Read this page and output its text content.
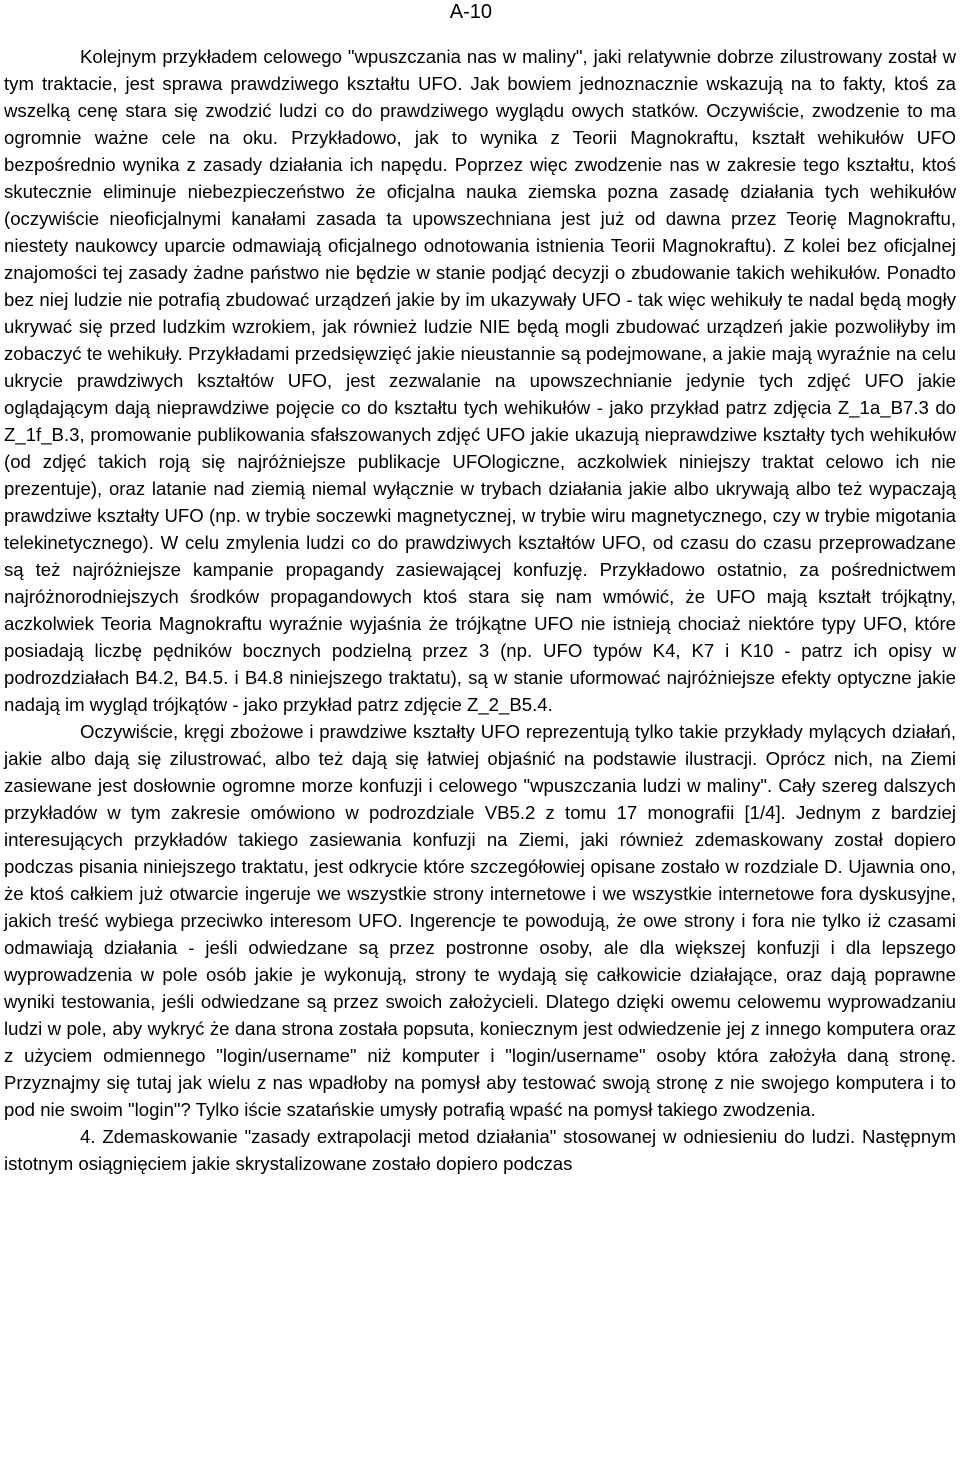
A-10

Kolejnym przykładem celowego "wpuszczania nas w maliny", jaki relatywnie dobrze zilustrowany został w tym traktacie, jest sprawa prawdziwego kształtu UFO. Jak bowiem jednoznacznie wskazują na to fakty, ktoś za wszelką cenę stara się zwodzić ludzi co do prawdziwego wyglądu owych statków. Oczywiście, zwodzenie to ma ogromnie ważne cele na oku. Przykładowo, jak to wynika z Teorii Magnokraftu, kształt wehikułów UFO bezpośrednio wynika z zasady działania ich napędu. Poprzez więc zwodzenie nas w zakresie tego kształtu, ktoś skutecznie eliminuje niebezpieczeństwo że oficjalna nauka ziemska pozna zasadę działania tych wehikułów (oczywiście nieoficjalnymi kanałami zasada ta upowszechniana jest już od dawna przez Teorię Magnokraftu, niestety naukowcy uparcie odmawiają oficjalnego odnotowania istnienia Teorii Magnokraftu). Z kolei bez oficjalnej znajomości tej zasady żadne państwo nie będzie w stanie podjąć decyzji o zbudowanie takich wehikułów. Ponadto bez niej ludzie nie potrafią zbudować urządzeń jakie by im ukazywały UFO - tak więc wehikuły te nadal będą mogły ukrywać się przed ludzkim wzrokiem, jak również ludzie NIE będą mogli zbudować urządzeń jakie pozwoliłyby im zobaczyć te wehikuły. Przykładami przedsięwzięć jakie nieustannie są podejmowane, a jakie mają wyraźnie na celu ukrycie prawdziwych kształtów UFO, jest zezwalanie na upowszechnianie jedynie tych zdjęć UFO jakie oglądającym dają nieprawdziwe pojęcie co do kształtu tych wehikułów - jako przykład patrz zdjęcia Z_1a_B7.3 do Z_1f_B.3, promowanie publikowania sfałszowanych zdjęć UFO jakie ukazują nieprawdziwe kształty tych wehikułów (od zdjęć takich roją się najróżniejsze publikacje UFOlogiczne, aczkolwiek niniejszy traktat celowo ich nie prezentuje), oraz latanie nad ziemią niemal wyłącznie w trybach działania jakie albo ukrywają albo też wypaczają prawdziwe kształty UFO (np. w trybie soczewki magnetycznej, w trybie wiru magnetycznego, czy w trybie migotania telekinetycznego). W celu zmylenia ludzi co do prawdziwych kształtów UFO, od czasu do czasu przeprowadzane są też najróżniejsze kampanie propagandy zasiewającej konfuzję. Przykładowo ostatnio, za pośrednictwem najróżnorodniejszych środków propagandowych ktoś stara się nam wmówić, że UFO mają kształt trójkątny, aczkolwiek Teoria Magnokraftu wyraźnie wyjaśnia że trójkątne UFO nie istnieją chociaż niektóre typy UFO, które posiadają liczbę pędników bocznych podzielną przez 3 (np. UFO typów K4, K7 i K10 - patrz ich opisy w podrozdziałach B4.2, B4.5. i B4.8 niniejszego traktatu), są w stanie uformować najróżniejsze efekty optyczne jakie nadają im wygląd trójkątów - jako przykład patrz zdjęcie Z_2_B5.4.

Oczywiście, kręgi zbożowe i prawdziwe kształty UFO reprezentują tylko takie przykłady mylących działań, jakie albo dają się zilustrować, albo też dają się łatwiej objaśnić na podstawie ilustracji. Oprócz nich, na Ziemi zasiewane jest dosłownie ogromne morze konfuzji i celowego "wpuszczania ludzi w maliny". Cały szereg dalszych przykładów w tym zakresie omówiono w podrozdziale VB5.2 z tomu 17 monografii [1/4]. Jednym z bardziej interesujących przykładów takiego zasiewania konfuzji na Ziemi, jaki również zdemaskowany został dopiero podczas pisania niniejszego traktatu, jest odkrycie które szczegółowiej opisane zostało w rozdziale D. Ujawnia ono, że ktoś całkiem już otwarcie ingeruje we wszystkie strony internetowe i we wszystkie internetowe fora dyskusyjne, jakich treść wybiega przeciwko interesom UFO. Ingerencje te powodują, że owe strony i fora nie tylko iż czasami odmawiają działania - jeśli odwiedzane są przez postronne osoby, ale dla większej konfuzji i dla lepszego wyprowadzenia w pole osób jakie je wykonują, strony te wydają się całkowicie działające, oraz dają poprawne wyniki testowania, jeśli odwiedzane są przez swoich założycieli. Dlatego dzięki owemu celowemu wyprowadzaniu ludzi w pole, aby wykryć że dana strona została popsuta, koniecznym jest odwiedzenie jej z innego komputera oraz z użyciem odmiennego "login/username" niż komputer i "login/username" osoby która założyła daną stronę. Przyznajmy się tutaj jak wielu z nas wpadłoby na pomysł aby testować swoją stronę z nie swojego komputera i to pod nie swoim "login"? Tylko iście szatańskie umysły potrafią wpaść na pomysł takiego zwodzenia.

4. Zdemaskowanie "zasady extrapolacji metod działania" stosowanej w odniesieniu do ludzi. Następnym istotnym osiągnięciem jakie skrystalizowane zostało dopiero podczas
